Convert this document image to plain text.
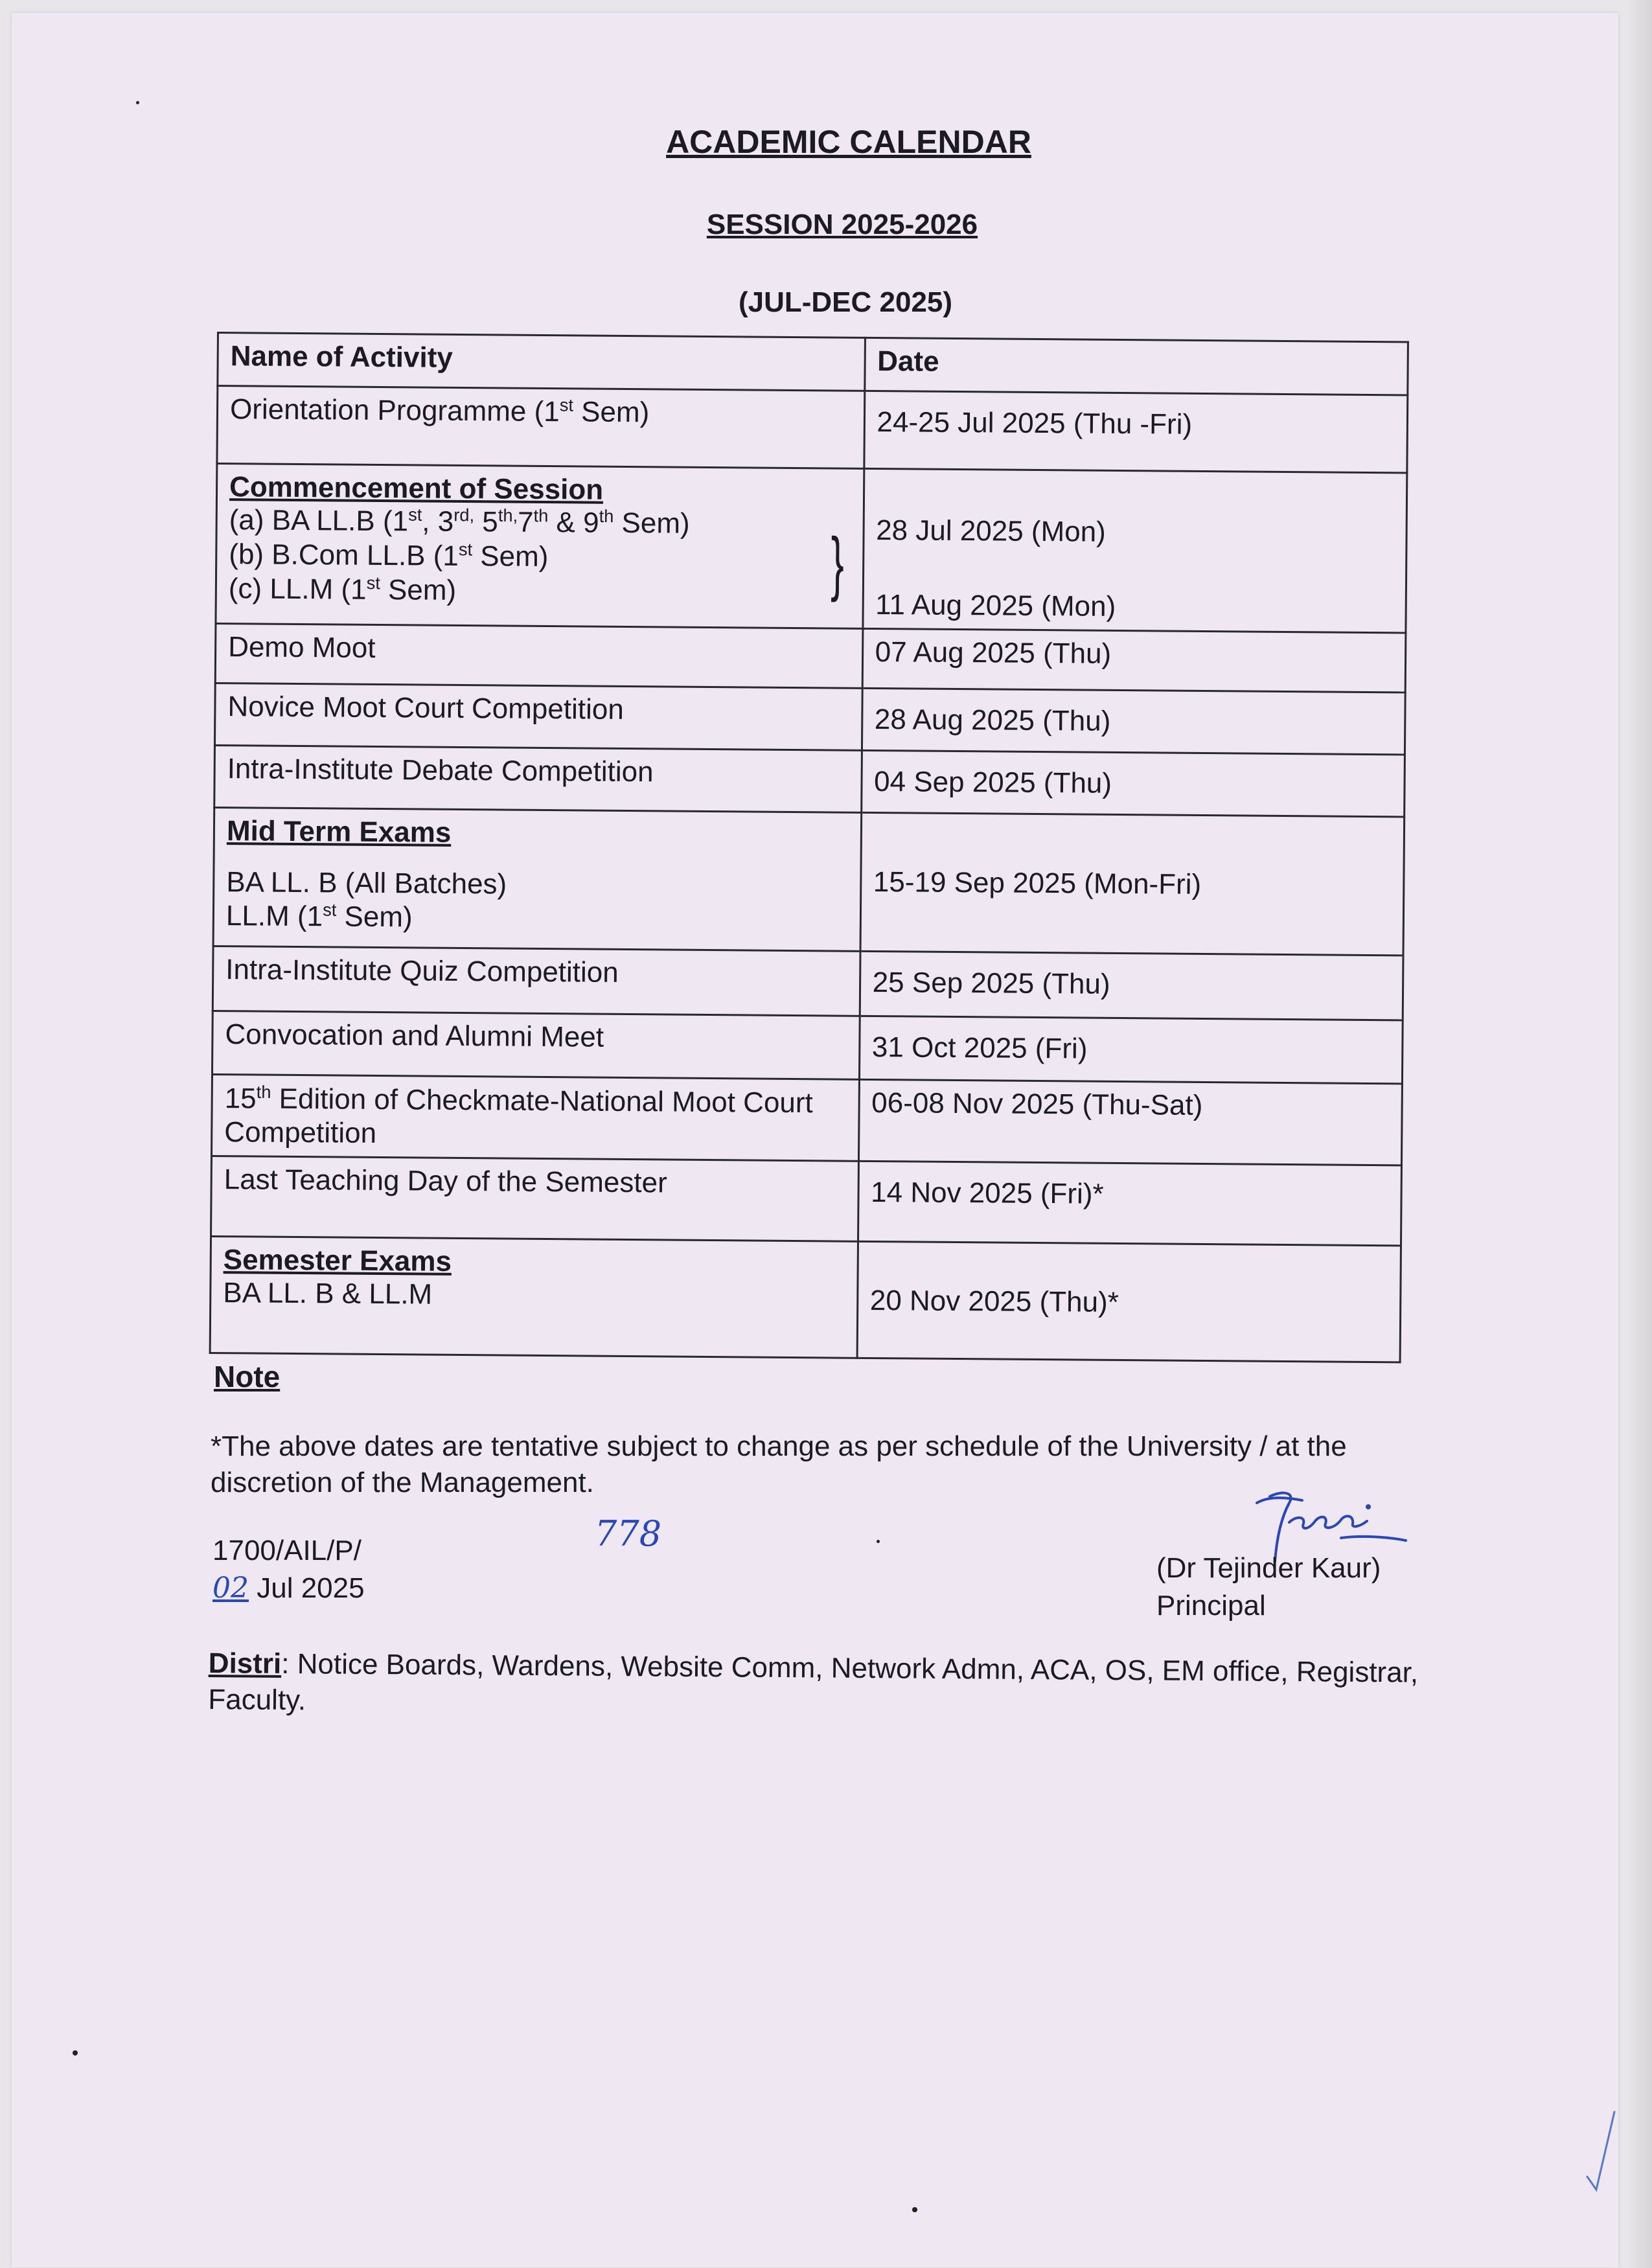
ACADEMIC CALENDAR
SESSION 2025-2026
(JUL-DEC 2025)
Name of Activity	Date
Orientation Programme (1st Sem)	24-25 Jul 2025 (Thu -Fri)

Commencement of Session
(a) BA LL.B (1st, $3^{rd,}$ $5^{th,}7th$ & 9th Sem)
(b) B.Com LL.B (1st Sem)
(c) LL.M (1st Sem) }	28 Jul 2025 (Mon)
11 Aug 2025 (Mon)

Demo Moot	07 Aug 2025 (Thu)
Novice Moot Court Competition	28 Aug 2025 (Thu)
Intra-Institute Debate Competition	04 Sep 2025 (Thu)

Mid Term Exams
BA LL. B (All Batches)
LL.M (1st Sem)	15-19 Sep 2025 (Mon-Fri)
Intra-Institute Quiz Competition	25 Sep 2025 (Thu)
Convocation and Alumni Meet	31 Oct 2025 (Fri)

15th Edition of Checkmate-National Moot Court Competition	06-08 Nov 2025 (Thu-Sat)
Last Teaching Day of the Semester	14 Nov 2025 (Fri)*

Semester Exams
BA LL. B & LL.M	20 Nov 2025 (Thu)*
Note
*The above dates are tentative subject to change as per schedule of the University / at the discretion of the Management.
1700/AIL/P/	778
02 Jul 2025
(Dr Tejinder Kaur)
Principal
Distri: Notice Boards, Wardens, Website Comm, Network Admn, ACA, OS, EM office, Registrar, Faculty.
